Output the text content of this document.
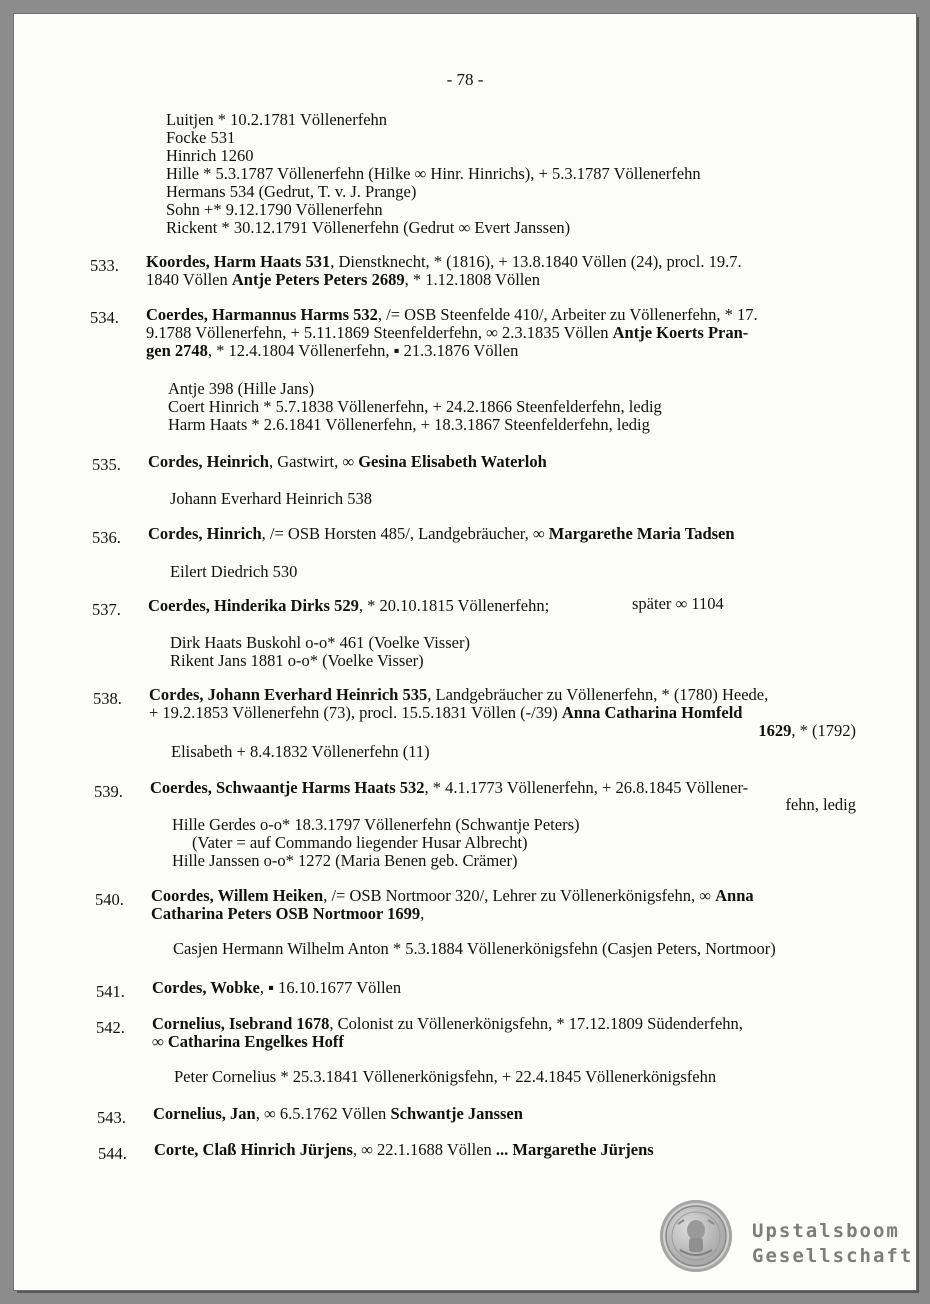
- 78 -
Luitjen * 10.2.1781 Völlenerfehn
Focke 531
Hinrich 1260
Hille * 5.3.1787 Völlenerfehn (Hilke ∞ Hinr. Hinrichs), + 5.3.1787 Völlenerfehn
Hermans 534 (Gedrut, T. v. J. Prange)
Sohn +* 9.12.1790 Völlenerfehn
Rickent * 30.12.1791 Völlenerfehn (Gedrut ∞ Evert Janssen)
533. Koordes, Harm Haats 531, Dienstknecht, * (1816), + 13.8.1840 Völlen (24), procl. 19.7.
1840 Völlen Antje Peters Peters 2689, * 1.12.1808 Völlen
534. Coerdes, Harmannus Harms 532, /= OSB Steenfelde 410/, Arbeiter zu Völlenerfehn, * 17.
9.1788 Völlenerfehn, + 5.11.1869 Steenfelderfehn, ∞ 2.3.1835 Völlen Antje Koerts Pran-
gen 2748, * 12.4.1804 Völlenerfehn, ▪ 21.3.1876 Völlen
Antje 398 (Hille Jans)
Coert Hinrich * 5.7.1838 Völlenerfehn, + 24.2.1866 Steenfelderfehn, ledig
Harm Haats * 2.6.1841 Völlenerfehn, + 18.3.1867 Steenfelderfehn, ledig
535. Cordes, Heinrich, Gastwirt, ∞ Gesina Elisabeth Waterloh
Johann Everhard Heinrich 538
536. Cordes, Hinrich, /= OSB Horsten 485/, Landgebräucher, ∞ Margarethe Maria Tadsen
Eilert Diedrich 530
537. Coerdes, Hinderika Dirks 529, * 20.10.1815 Völlenerfehn;	später ∞ 1104
Dirk Haats Buskohl o-o* 461 (Voelke Visser)
Rikent Jans 1881 o-o* (Voelke Visser)
538. Cordes, Johann Everhard Heinrich 535, Landgebräucher zu Völlenerfehn, * (1780) Heede,
+ 19.2.1853 Völlenerfehn (73), procl. 15.5.1831 Völlen (-/39) Anna Catharina Homfeld
1629, * (1792)
Elisabeth + 8.4.1832 Völlenerfehn (11)
539. Coerdes, Schwaantje Harms Haats 532, * 4.1.1773 Völlenerfehn, + 26.8.1845 Völlener-
fehn, ledig
Hille Gerdes o-o* 18.3.1797 Völlenerfehn (Schwantje Peters)
(Vater = auf Commando liegender Husar Albrecht)
Hille Janssen o-o* 1272 (Maria Benen geb. Crämer)
540. Coordes, Willem Heiken, /= OSB Nortmoor 320/, Lehrer zu Völlenerkönigsfehn, ∞ Anna
Catharina Peters OSB Nortmoor 1699,
Casjen Hermann Wilhelm Anton * 5.3.1884 Völlenerkönigsfehn (Casjen Peters, Nortmoor)
541. Cordes, Wobke, ▪ 16.10.1677 Völlen
542. Cornelius, Isebrand 1678, Colonist zu Völlenerkönigsfehn, * 17.12.1809 Südenderfehn,
∞ Catharina Engelkes Hoff
Peter Cornelius * 25.3.1841 Völlenerkönigsfehn, + 22.4.1845 Völlenerkönigsfehn
543. Cornelius, Jan, ∞ 6.5.1762 Völlen Schwantje Janssen
544. Corte, Claß Hinrich Jürjens, ∞ 22.1.1688 Völlen ... Margarethe Jürjens
Upstalsboom
Gesellschaft
